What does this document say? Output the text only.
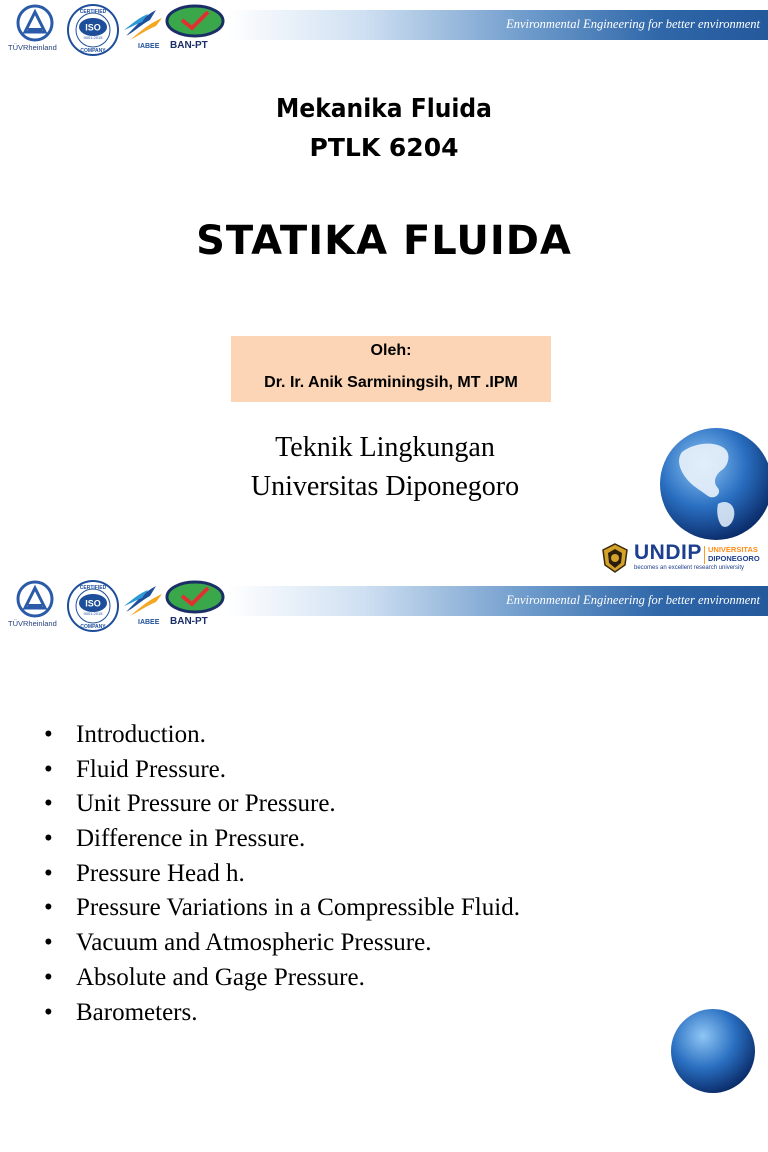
Environmental Engineering for better environment
TÜVRheinland
ISO
9001:2015
CERTIFIED
COMPANY
IABEE BAN-PT
Mekanika Fluida
PTLK 6204
STATIKA FLUIDA
Oleh:
Dr. Ir. Anik Sarminingsih, MT .IPM
Teknik Lingkungan
Universitas Diponegoro
UNDIP UNIVERSITAS
DIPONEGORO
becomes an excellent research university
Environmental Engineering for better environment
TÜVRheinland
ISO
9001:2015
CERTIFIED
COMPANY
IABEE BAN-PT
• Introduction.
• Fluid Pressure.
• Unit Pressure or Pressure.
• Difference in Pressure.
• Pressure Head h.
• Pressure Variations in a Compressible Fluid.
• Vacuum and Atmospheric Pressure.
• Absolute and Gage Pressure.
• Barometers.
